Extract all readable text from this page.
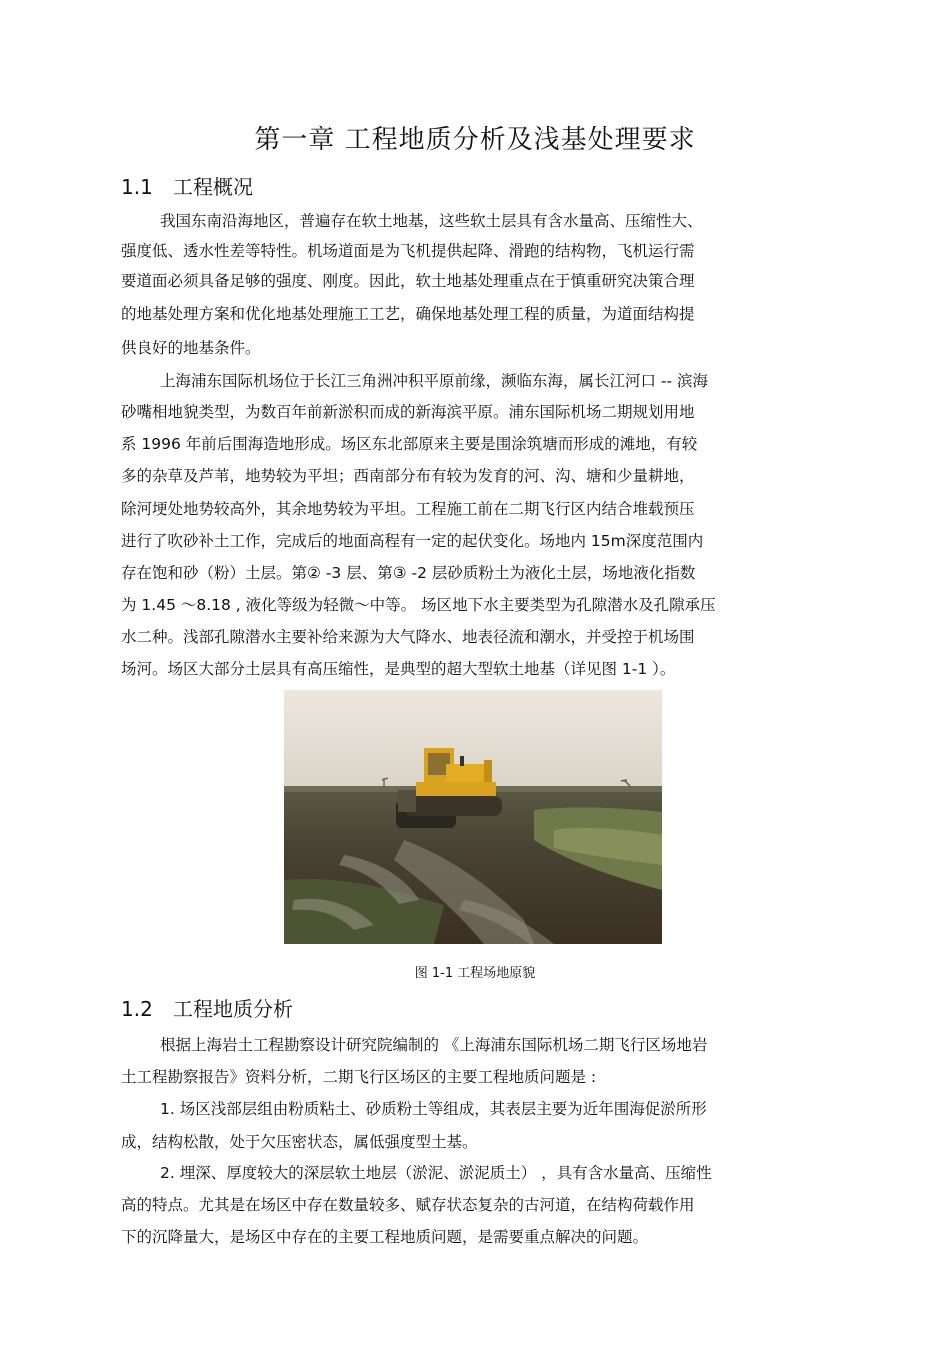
第一章 工程地质分析及浅基处理要求
1.1 工程概况
我国东南沿海地区，普遍存在软土地基，这些软土层具有含水量高、压缩性大、
强度低、透水性差等特性。机场道面是为飞机提供起降、滑跑的结构物，飞机运行需
要道面必须具备足够的强度、刚度。因此，软土地基处理重点在于慎重研究决策合理
的地基处理方案和优化地基处理施工工艺，确保地基处理工程的质量，为道面结构提
供良好的地基条件。
上海浦东国际机场位于长江三角洲冲积平原前缘，濒临东海，属长江河口 -- 滨海
砂嘴相地貌类型，为数百年前新淤积而成的新海滨平原。浦东国际机场二期规划用地
系 1996 年前后围海造地形成。场区东北部原来主要是围涂筑塘而形成的滩地，有较
多的杂草及芦苇，地势较为平坦；西南部分布有较为发育的河、沟、塘和少量耕地，
除河埂处地势较高外，其余地势较为平坦。工程施工前在二期飞行区内结合堆载预压
进行了吹砂补土工作，完成后的地面高程有一定的起伏变化。场地内 15m深度范围内
存在饱和砂（粉）土层。第② -3 层、第③ -2 层砂质粉土为液化土层，场地液化指数
为 1.45 ～8.18 , 液化等级为轻微～中等。 场区地下水主要类型为孔隙潜水及孔隙承压
水二种。浅部孔隙潜水主要补给来源为大气降水、地表径流和潮水，并受控于机场围
场河。场区大部分土层具有高压缩性，是典型的超大型软土地基（详见图 1-1 ）。
图 1-1 工程场地原貌
1.2 工程地质分析
根据上海岩土工程勘察设计研究院编制的 《上海浦东国际机场二期飞行区场地岩
土工程勘察报告》资料分析，二期飞行区场区的主要工程地质问题是 :
1. 场区浅部层组由粉质粘土、砂质粉土等组成，其表层主要为近年围海促淤所形
成，结构松散，处于欠压密状态，属低强度型土基。
2. 埋深、厚度较大的深层软土地层（淤泥、淤泥质土） ，具有含水量高、压缩性
高的特点。尤其是在场区中存在数量较多、赋存状态复杂的古河道，在结构荷载作用
下的沉降量大，是场区中存在的主要工程地质问题，是需要重点解决的问题。
